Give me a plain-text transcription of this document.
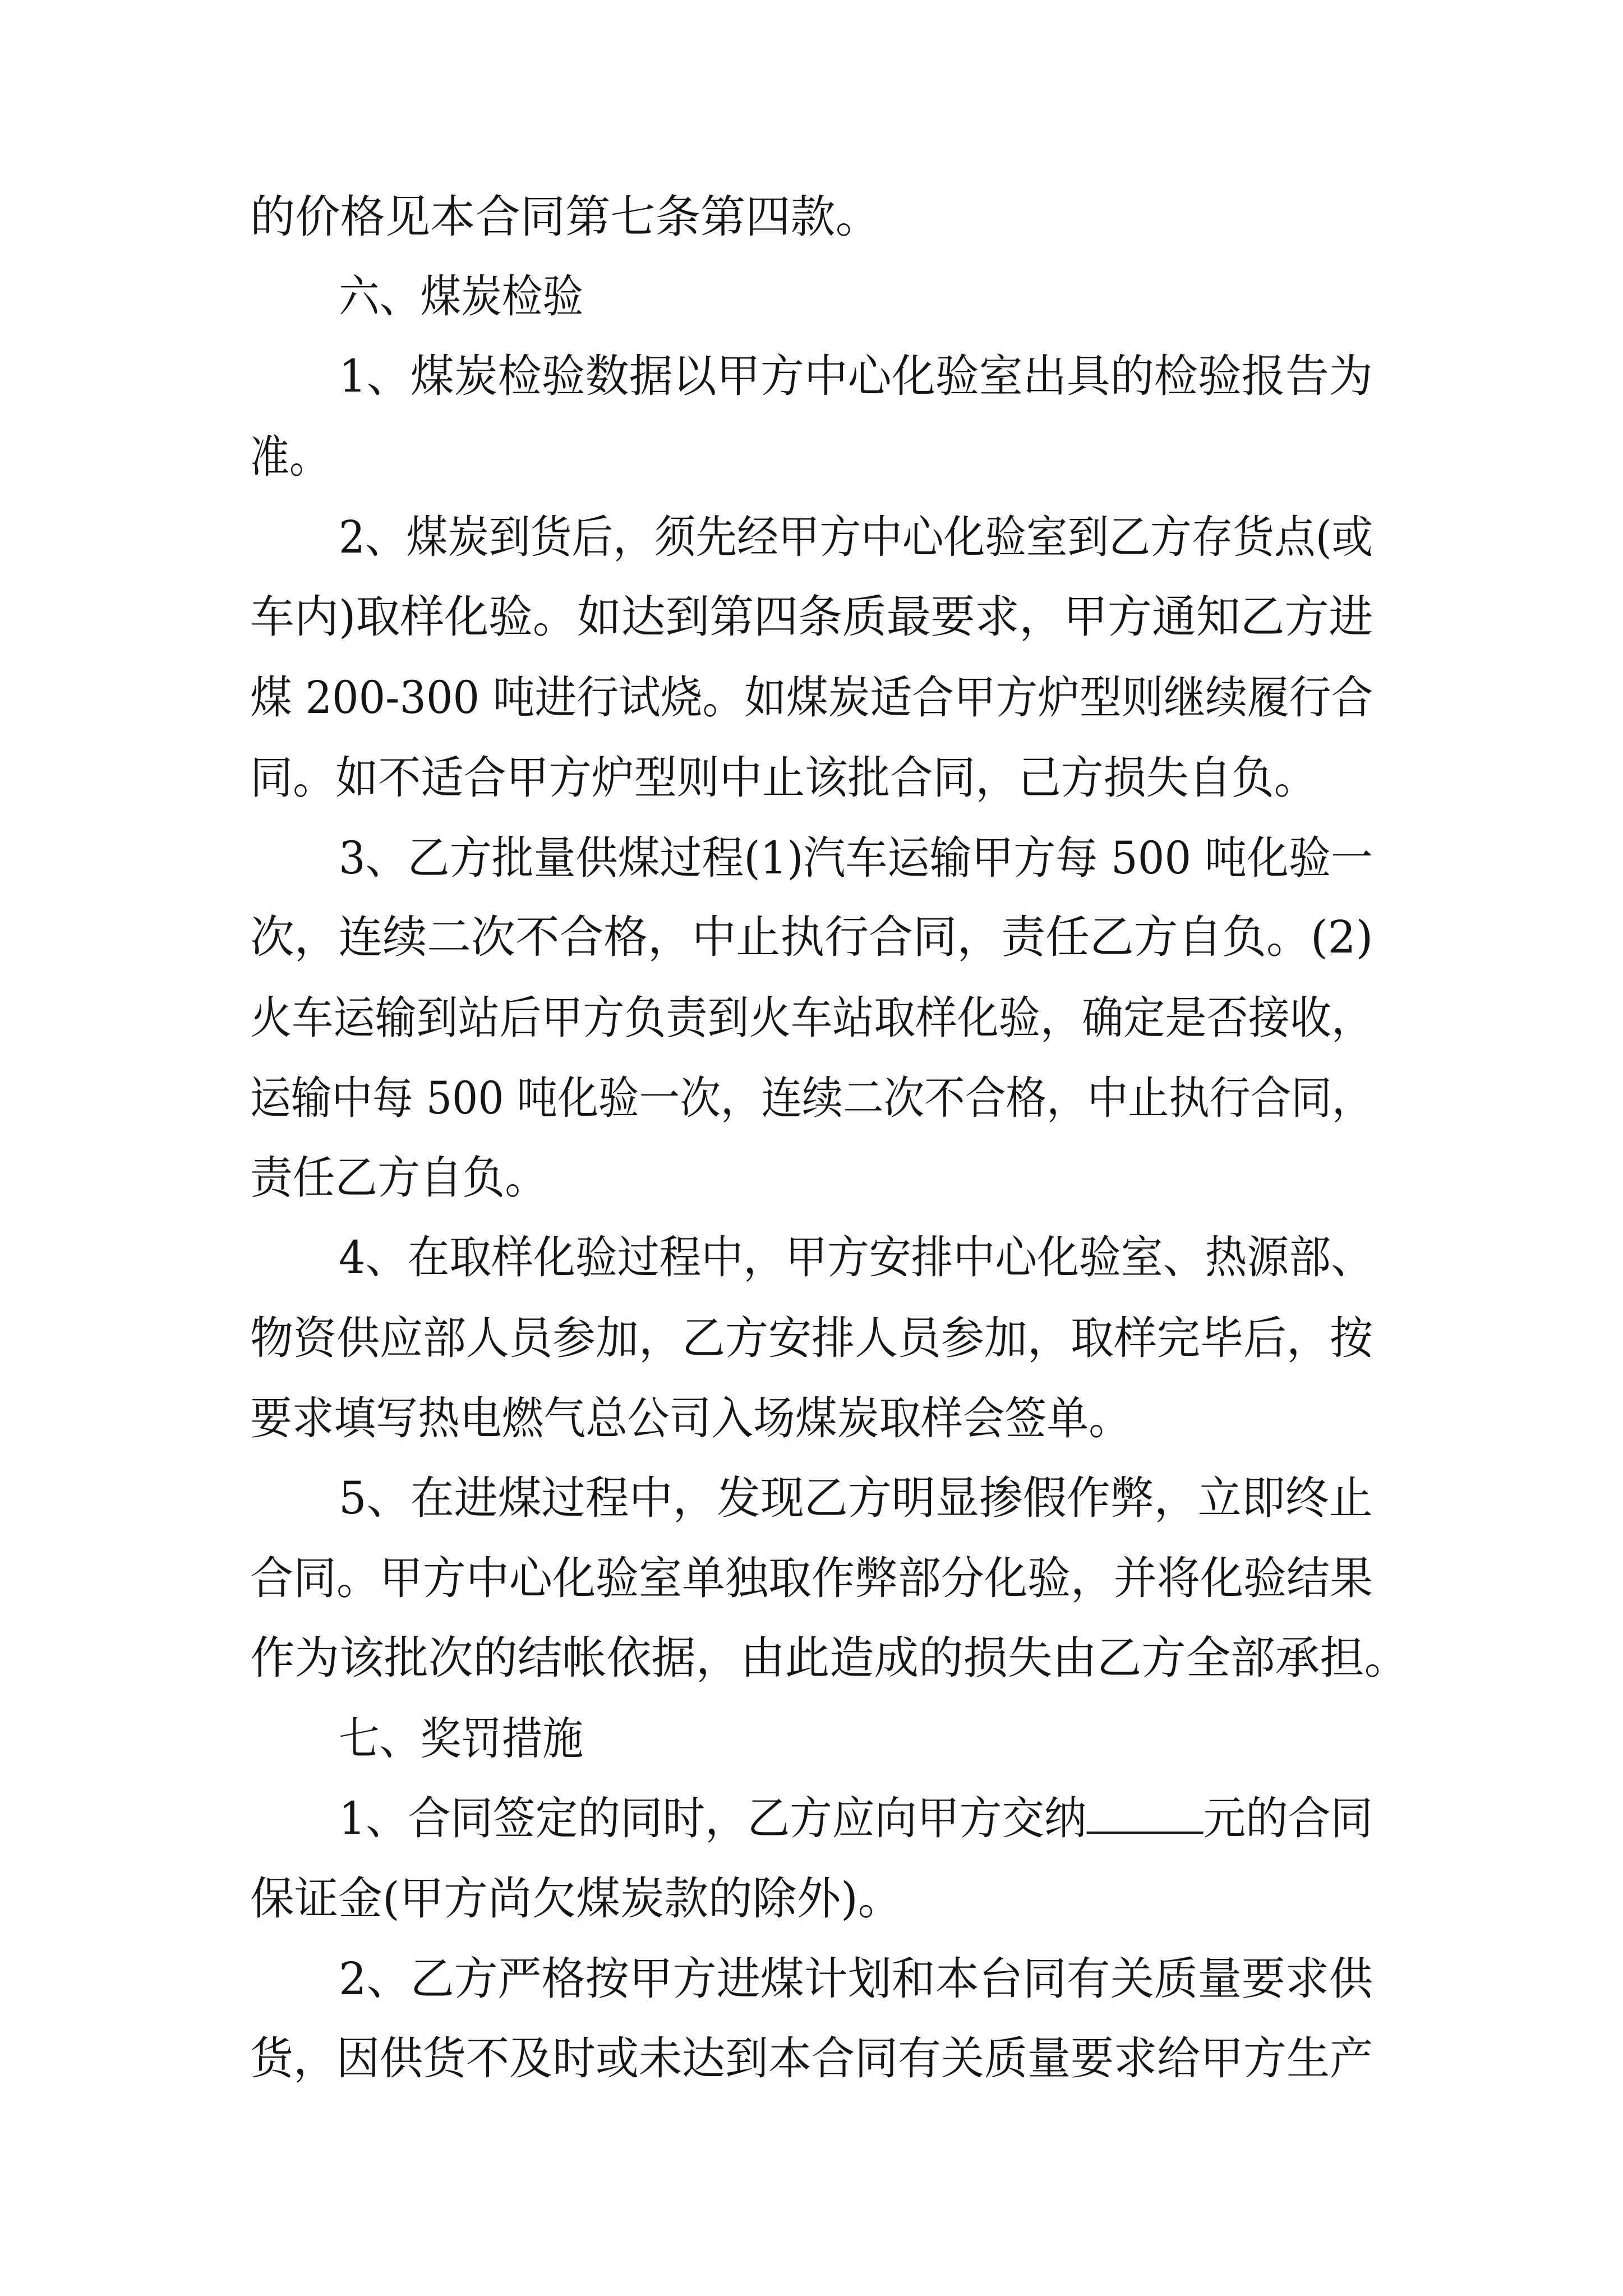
的价格见本合同第七条第四款。
六、煤炭检验
1、煤炭检验数据以甲方中心化验室出具的检验报告为
准。
2、煤炭到货后，须先经甲方中心化验室到乙方存货点(或
车内)取样化验。如达到第四条质最要求，甲方通知乙方进
煤 200-300 吨进行试烧。如煤炭适合甲方炉型则继续履行合
同。如不适合甲方炉型则中止该批合同，己方损失自负。
3、乙方批量供煤过程(1)汽车运输甲方每 500 吨化验一
次，连续二次不合格，中止执行合同，责任乙方自负。(2)
火车运输到站后甲方负责到火车站取样化验，确定是否接收，
运输中每 500 吨化验一次，连续二次不合格，中止执行合同，
责任乙方自负。
4、在取样化验过程中，甲方安排中心化验室、热源部、
物资供应部人员参加，乙方安排人员参加，取样完毕后，按
要求填写热电燃气总公司入场煤炭取样会签单。
5、在进煤过程中，发现乙方明显掺假作弊，立即终止
合同。甲方中心化验室单独取作弊部分化验，并将化验结果
作为该批次的结帐依据，由此造成的损失由乙方全部承担。
七、奖罚措施
1、合同签定的同时，乙方应向甲方交纳	元的合同
保证金(甲方尚欠煤炭款的除外)。
2、乙方严格按甲方进煤计划和本台同有关质量要求供
货，因供货不及时或未达到本合同有关质量要求给甲方生产
